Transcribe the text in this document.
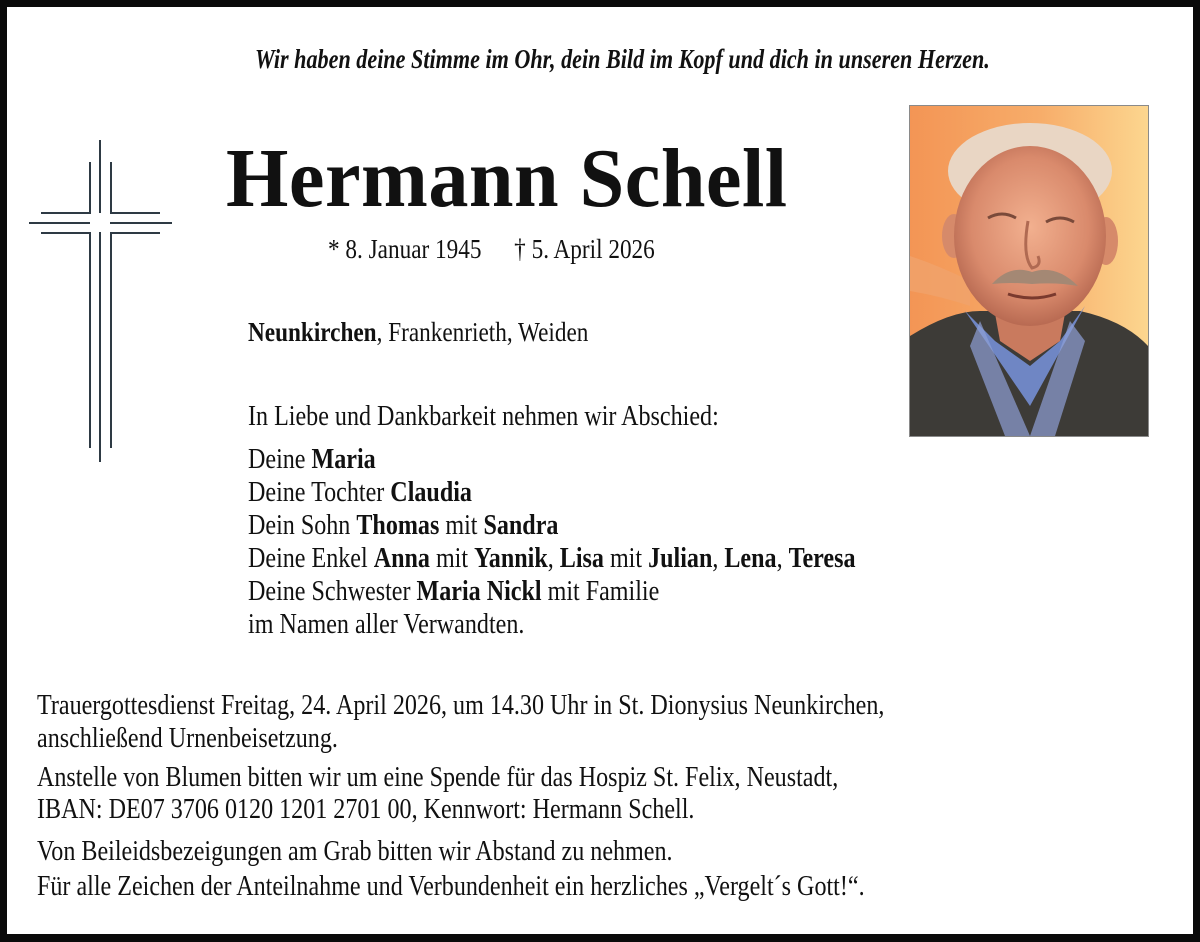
Wir haben deine Stimme im Ohr, dein Bild im Kopf und dich in unseren Herzen.
Hermann Schell
* 8. Januar 1945 † 5. April 2026
Neunkirchen, Frankenrieth, Weiden
In Liebe und Dankbarkeit nehmen wir Abschied:
Deine Maria
Deine Tochter Claudia
Dein Sohn Thomas mit Sandra
Deine Enkel Anna mit Yannik, Lisa mit Julian, Lena, Teresa
Deine Schwester Maria Nickl mit Familie
im Namen aller Verwandten.
Trauergottesdienst Freitag, 24. April 2026, um 14.30 Uhr in St. Dionysius Neunkirchen,
anschließend Urnenbeisetzung.
Anstelle von Blumen bitten wir um eine Spende für das Hospiz St. Felix, Neustadt,
IBAN: DE07 3706 0120 1201 2701 00, Kennwort: Hermann Schell.
Von Beileidsbezeigungen am Grab bitten wir Abstand zu nehmen.
Für alle Zeichen der Anteilnahme und Verbundenheit ein herzliches „Vergelt´s Gott!“.
